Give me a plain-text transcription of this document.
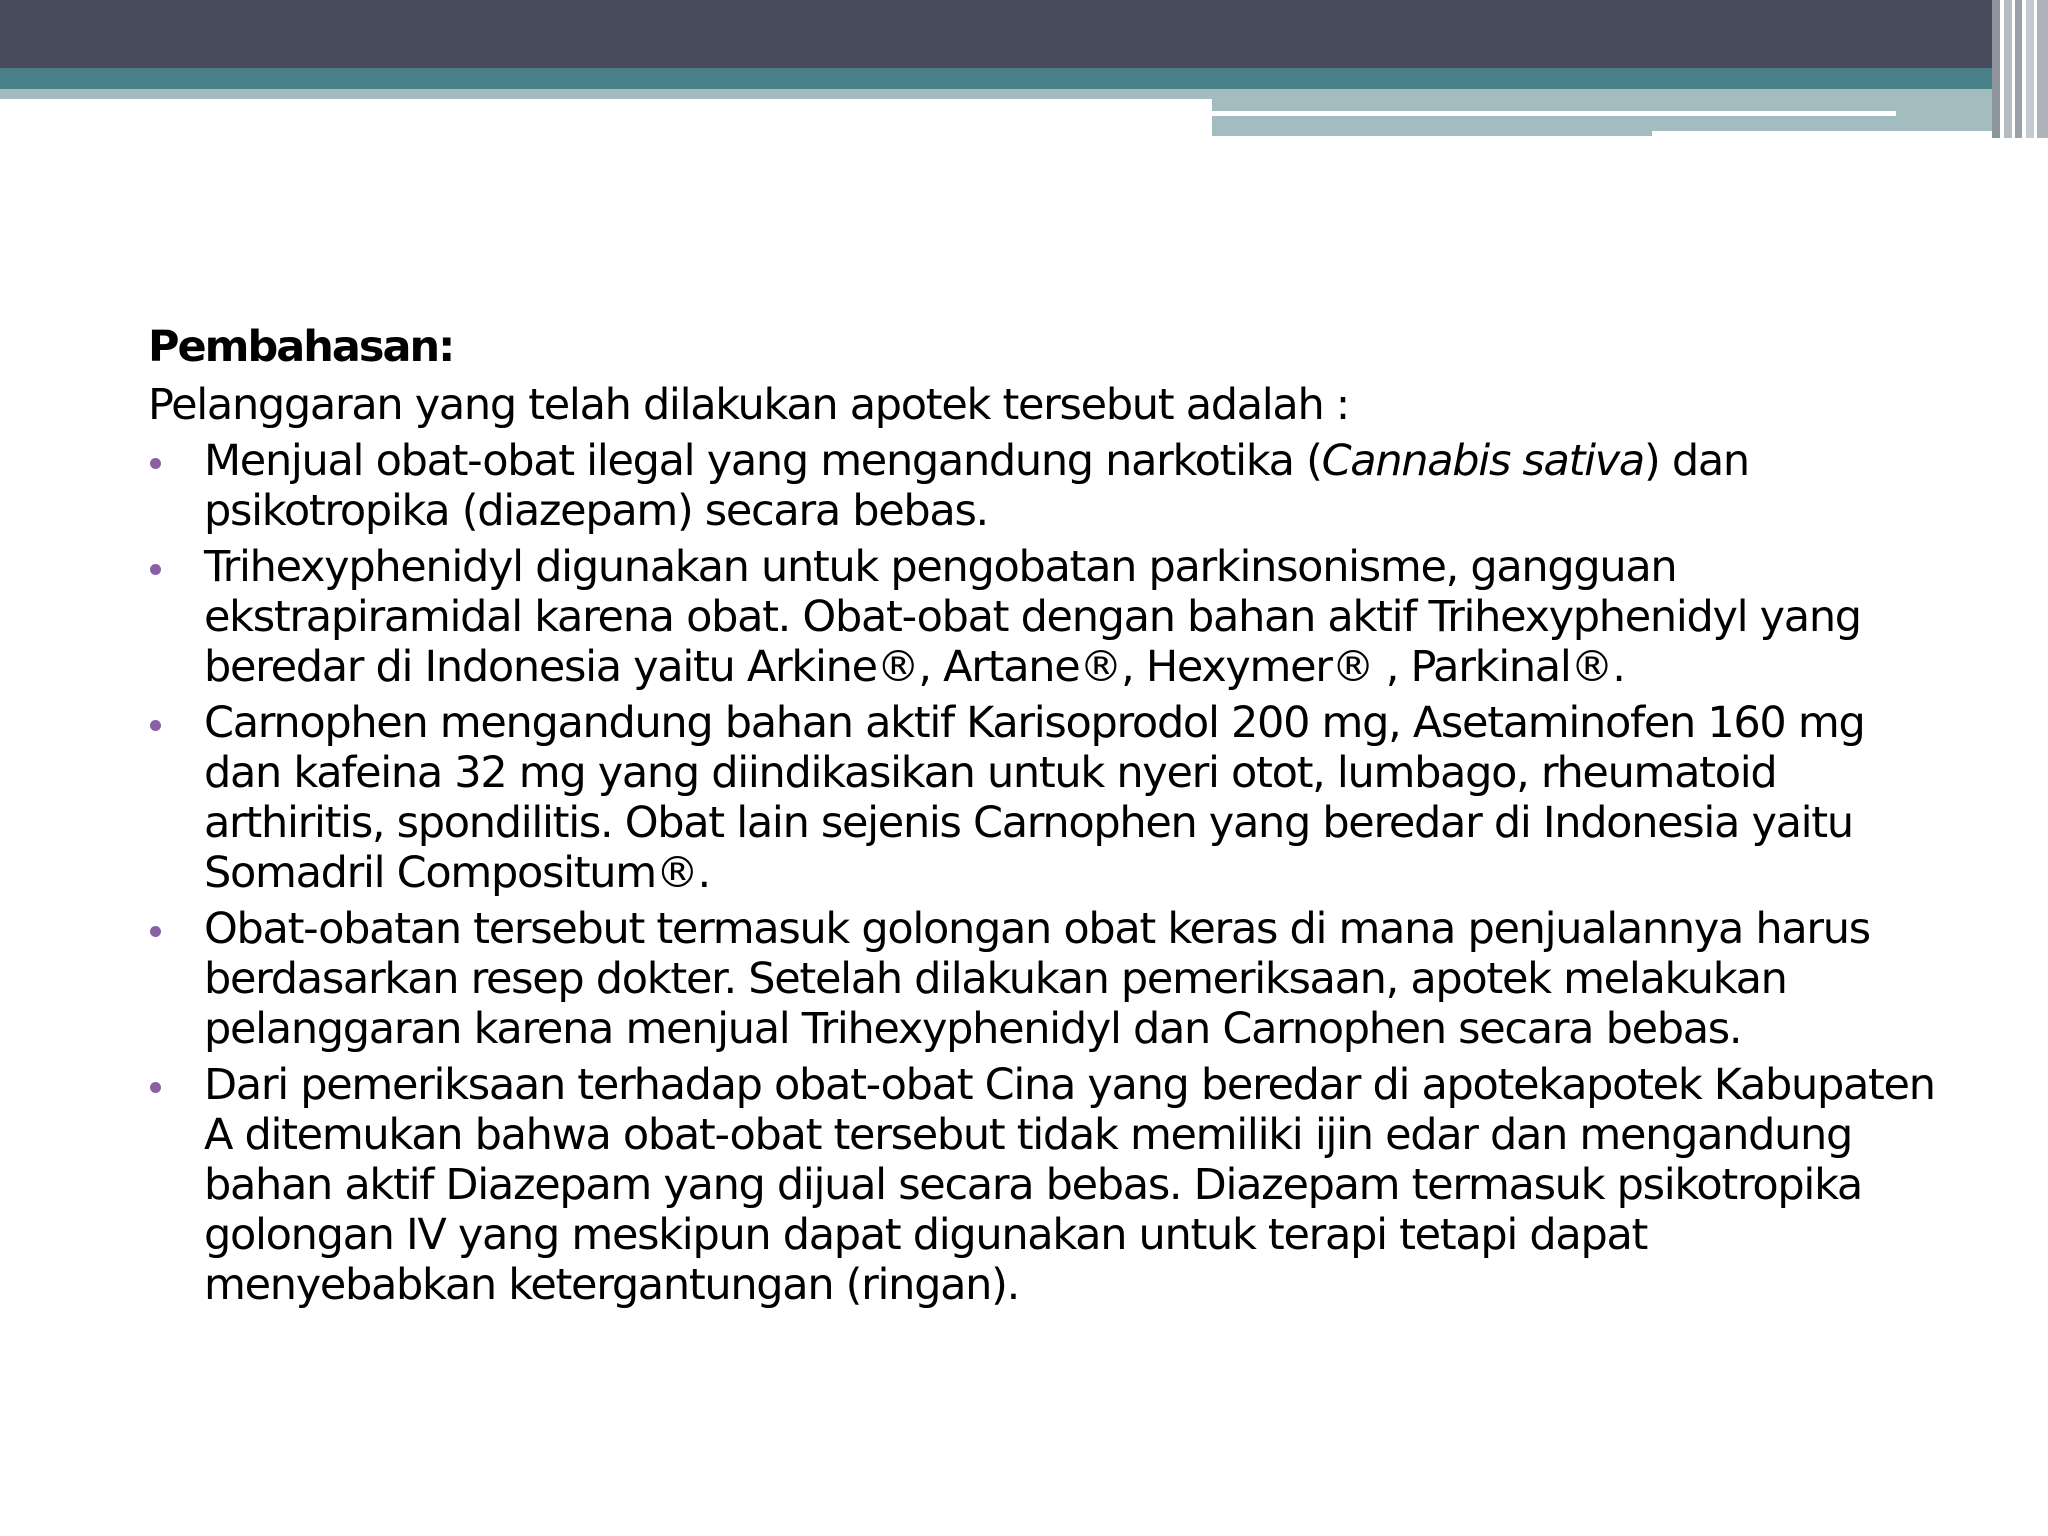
Pembahasan:

Pelanggaran yang telah dilakukan apotek tersebut adalah :

Menjual obat-obat ilegal yang mengandung narkotika (Cannabis sativa) dan psikotropika (diazepam) secara bebas.
Trihexyphenidyl digunakan untuk pengobatan parkinsonisme, gangguan ekstrapiramidal karena obat. Obat-obat dengan bahan aktif Trihexyphenidyl yang beredar di Indonesia yaitu Arkine®, Artane®, Hexymer® , Parkinal®.
Carnophen mengandung bahan aktif Karisoprodol 200 mg, Asetaminofen 160 mg dan kafeina 32 mg yang diindikasikan untuk nyeri otot, lumbago, rheumatoid arthiritis, spondilitis. Obat lain sejenis Carnophen yang beredar di Indonesia yaitu Somadril Compositum®.
Obat-obatan tersebut termasuk golongan obat keras di mana penjualannya harus berdasarkan resep dokter. Setelah dilakukan pemeriksaan, apotek melakukan pelanggaran karena menjual Trihexyphenidyl dan Carnophen secara bebas.
Dari pemeriksaan terhadap obat-obat Cina yang beredar di apotekapotek Kabupaten A ditemukan bahwa obat-obat tersebut tidak memiliki ijin edar dan mengandung bahan aktif Diazepam yang dijual secara bebas. Diazepam termasuk psikotropika golongan IV yang meskipun dapat digunakan untuk terapi tetapi dapat menyebabkan ketergantungan (ringan).
